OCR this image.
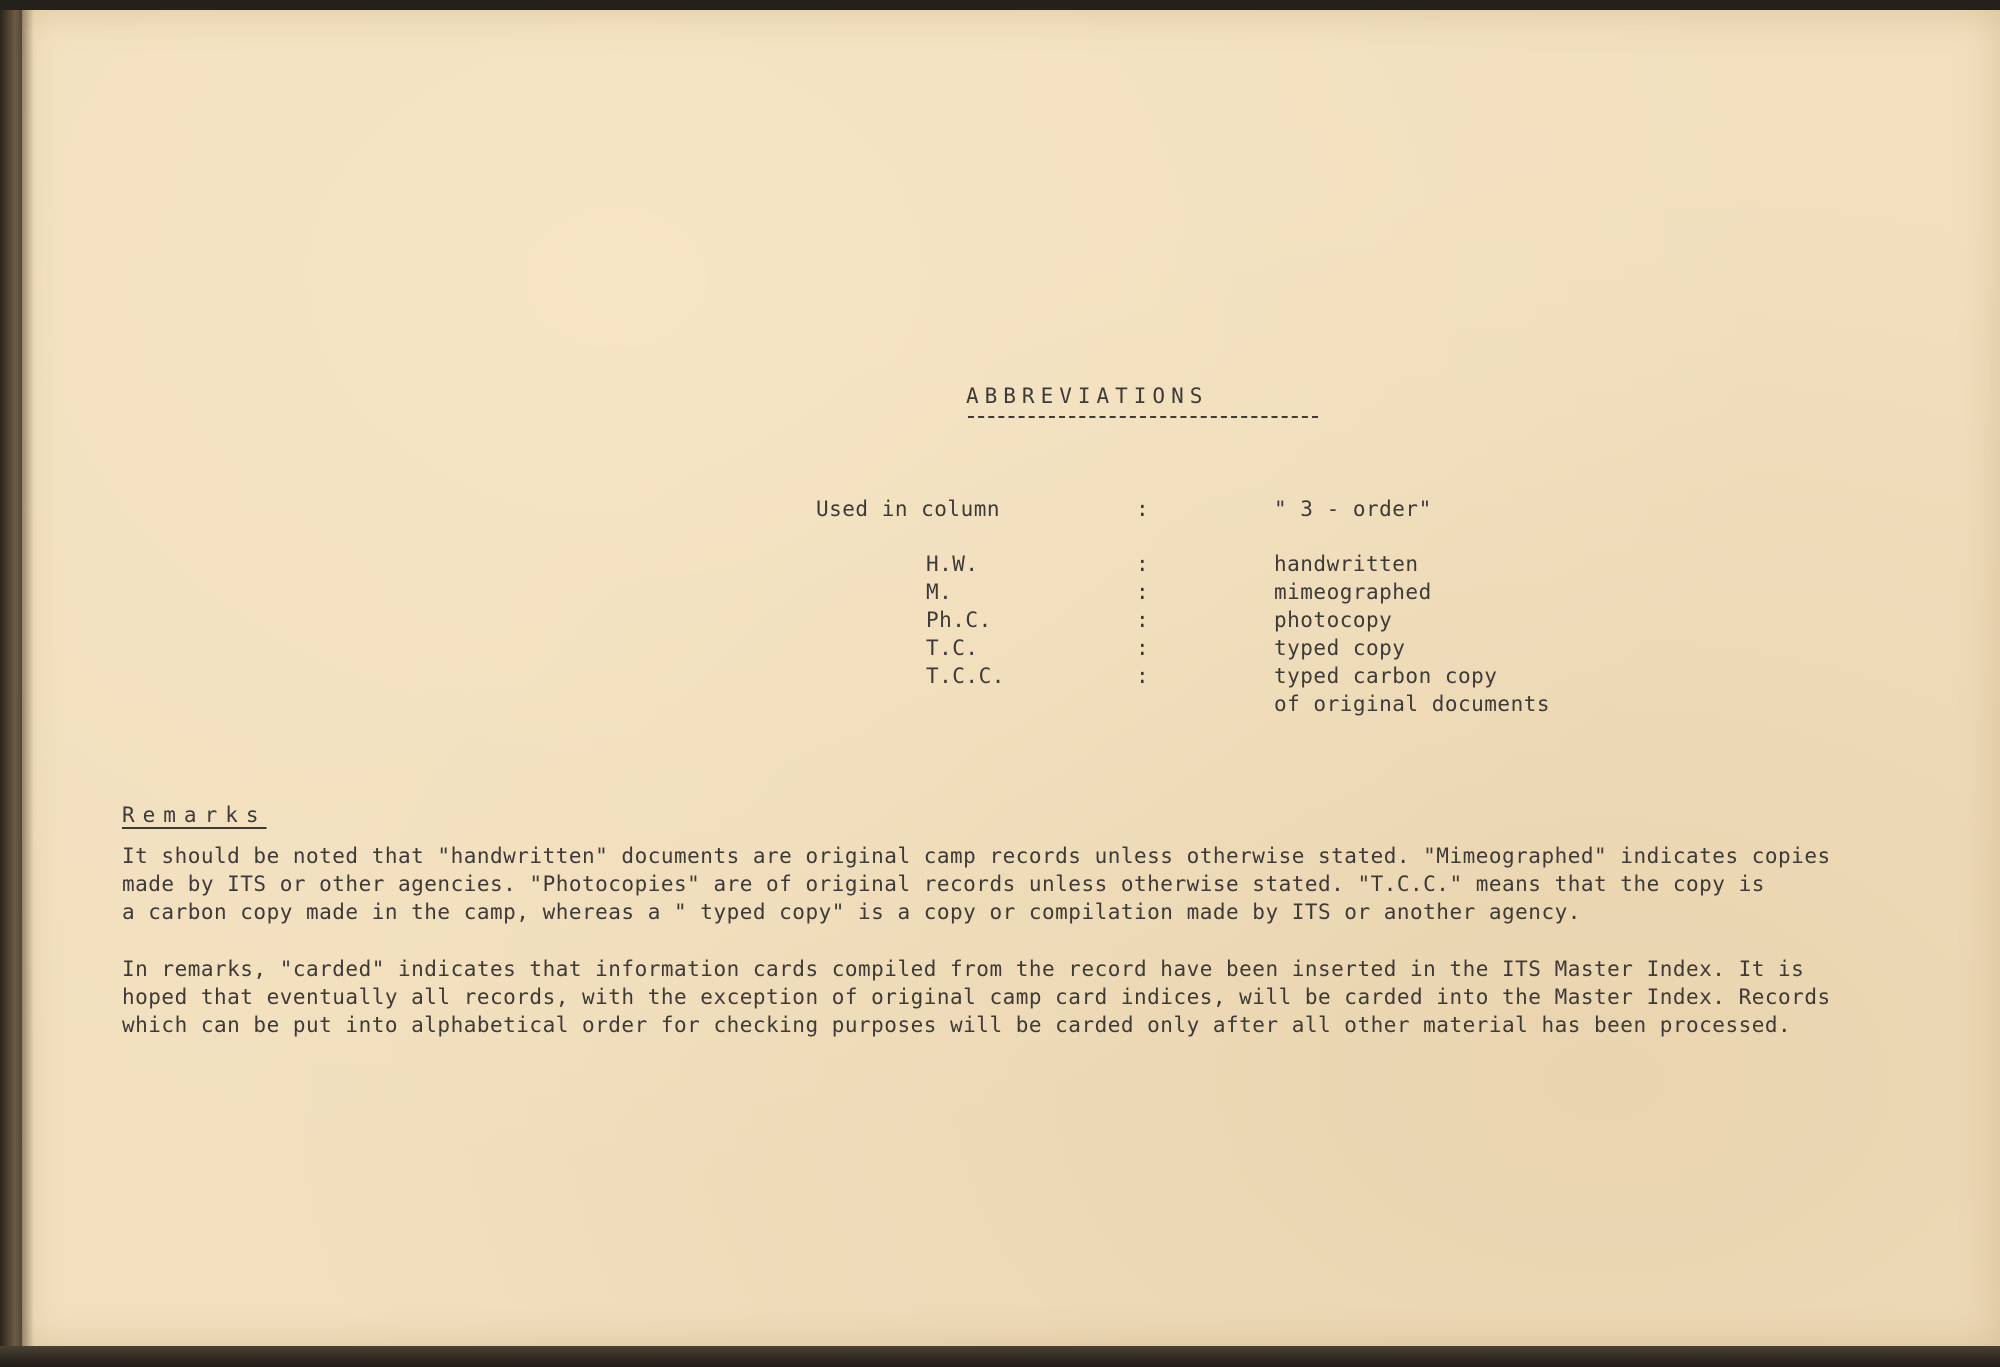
ABBREVIATIONS
Used in column	:	" 3 - order"
H.W.	:	handwritten
M.	:	mimeographed
Ph.C.	:	photocopy
T.C.	:	typed copy
T.C.C.	:	typed carbon copy
of original documents
Remarks
It should be noted that "handwritten" documents are original camp records unless otherwise stated. "Mimeographed" indicates copies
made by ITS or other agencies. "Photocopies" are of original records unless otherwise stated. "T.C.C." means that the copy is
a carbon copy made in the camp, whereas a " typed copy" is a copy or compilation made by ITS or another agency.
In remarks, "carded" indicates that information cards compiled from the record have been inserted in the ITS Master Index. It is
hoped that eventually all records, with the exception of original camp card indices, will be carded into the Master Index. Records
which can be put into alphabetical order for checking purposes will be carded only after all other material has been processed.
